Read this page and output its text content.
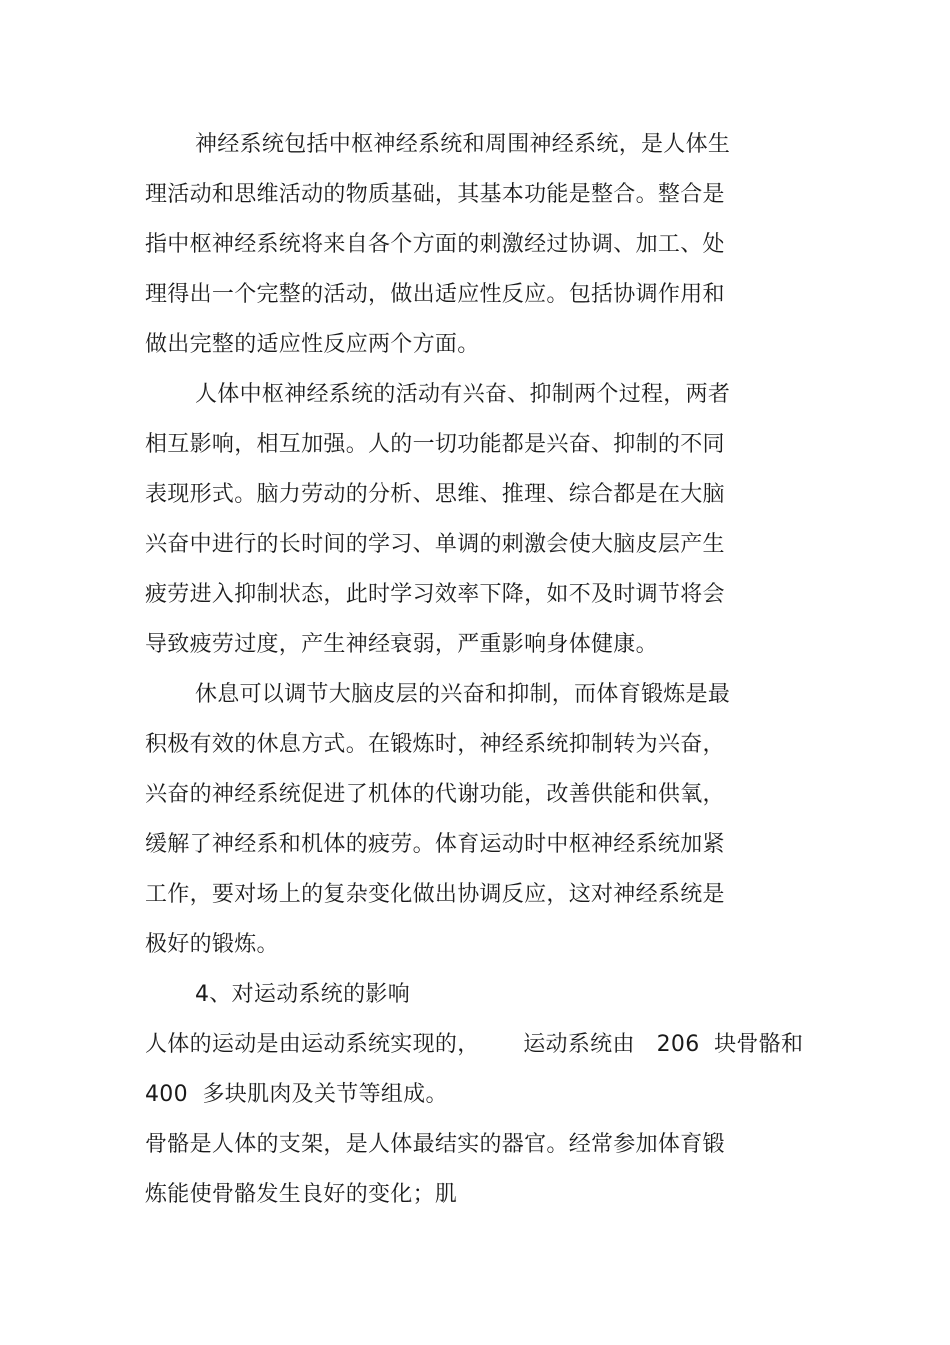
神经系统包括中枢神经系统和周围神经系统，是人体生
理活动和思维活动的物质基础，其基本功能是整合。整合是
指中枢神经系统将来自各个方面的刺激经过协调、加工、处
理得出一个完整的活动，做出适应性反应。包括协调作用和
做出完整的适应性反应两个方面。
人体中枢神经系统的活动有兴奋、抑制两个过程，两者
相互影响，相互加强。人的一切功能都是兴奋、抑制的不同
表现形式。脑力劳动的分析、思维、推理、综合都是在大脑
兴奋中进行的长时间的学习、单调的刺激会使大脑皮层产生
疲劳进入抑制状态，此时学习效率下降，如不及时调节将会
导致疲劳过度，产生神经衰弱，严重影响身体健康。
休息可以调节大脑皮层的兴奋和抑制，而体育锻炼是最
积极有效的休息方式。在锻炼时，神经系统抑制转为兴奋，
兴奋的神经系统促进了机体的代谢功能，改善供能和供氧，
缓解了神经系和机体的疲劳。体育运动时中枢神经系统加紧
工作，要对场上的复杂变化做出协调反应，这对神经系统是
极好的锻炼。
4、对运动系统的影响
人体的运动是由运动系统实现的，      运动系统由   206  块骨骼和
400  多块肌肉及关节等组成。
骨骼是人体的支架，是人体最结实的器官。经常参加体育锻
炼能使骨骼发生良好的变化；肌
